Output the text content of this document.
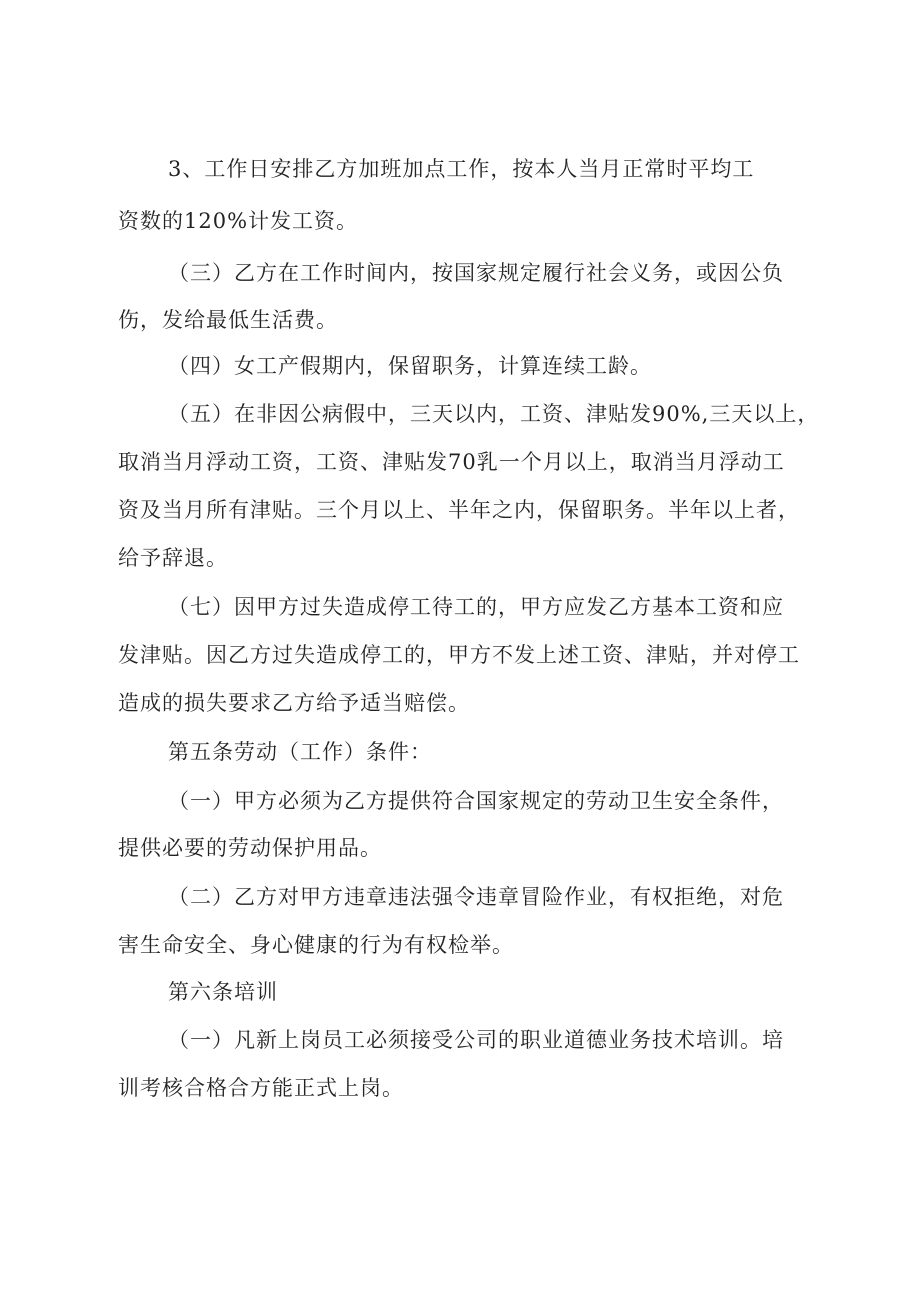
3、工作日安排乙方加班加点工作，按本人当月正常时平均工
资数的120%计发工资。
（三）乙方在工作时间内，按国家规定履行社会义务，或因公负
伤，发给最低生活费。
（四）女工产假期内，保留职务，计算连续工龄。
（五）在非因公病假中，三天以内，工资、津贴发90%,三天以上，
取消当月浮动工资，工资、津贴发70乳一个月以上，取消当月浮动工
资及当月所有津贴。三个月以上、半年之内，保留职务。半年以上者，
给予辞退。
（七）因甲方过失造成停工待工的，甲方应发乙方基本工资和应
发津贴。因乙方过失造成停工的，甲方不发上述工资、津贴，并对停工
造成的损失要求乙方给予适当赔偿。
第五条劳动（工作）条件：
（一）甲方必须为乙方提供符合国家规定的劳动卫生安全条件，
提供必要的劳动保护用品。
（二）乙方对甲方违章违法强令违章冒险作业，有权拒绝，对危
害生命安全、身心健康的行为有权检举。
第六条培训
（一）凡新上岗员工必须接受公司的职业道德业务技术培训。培
训考核合格合方能正式上岗。
